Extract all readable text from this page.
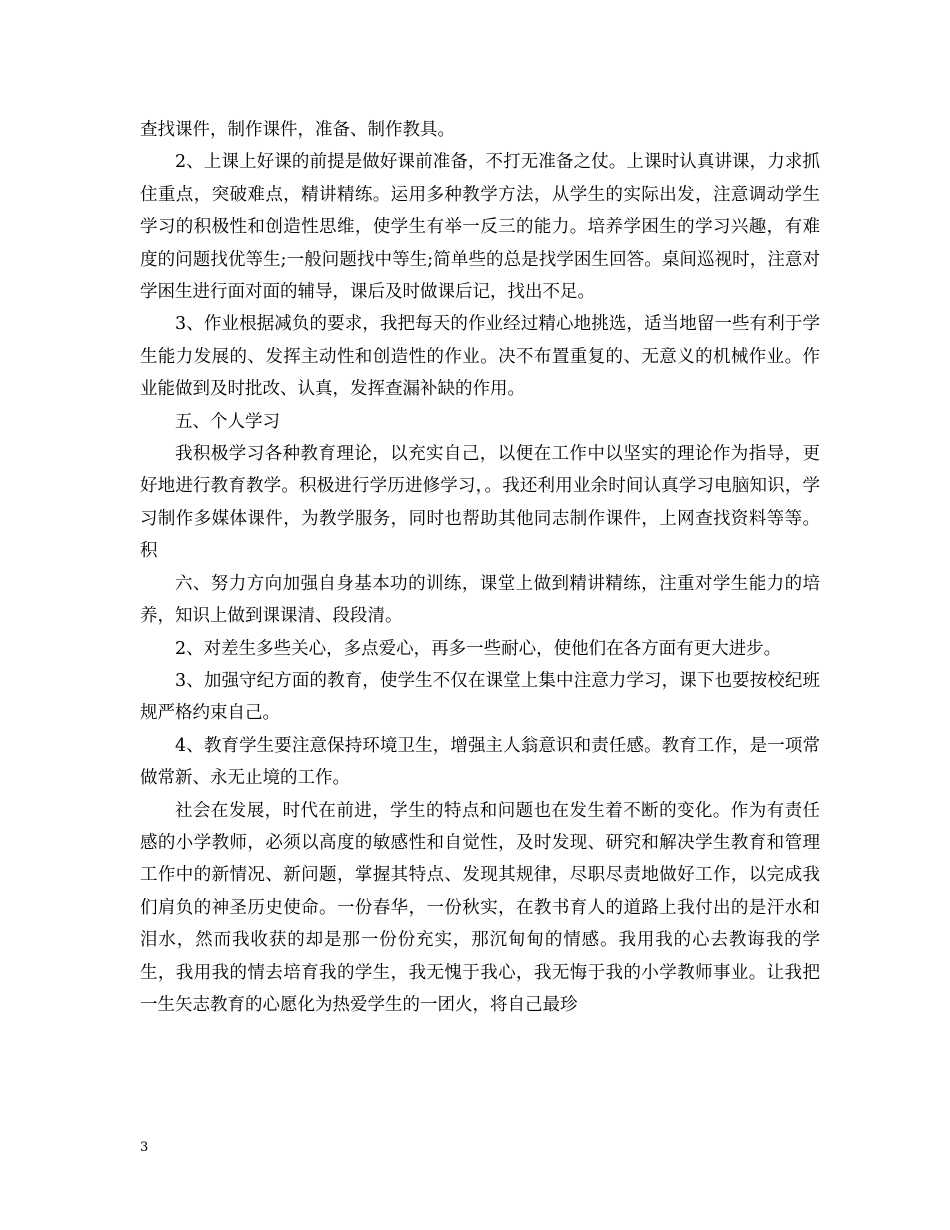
查找课件，制作课件，准备、制作教具。

2、上课上好课的前提是做好课前准备，不打无准备之仗。上课时认真讲课，力求抓住重点，突破难点，精讲精练。运用多种教学方法，从学生的实际出发，注意调动学生学习的积极性和创造性思维，使学生有举一反三的能力。培养学困生的学习兴趣，有难度的问题找优等生;一般问题找中等生;简单些的总是找学困生回答。桌间巡视时，注意对学困生进行面对面的辅导，课后及时做课后记，找出不足。

3、作业根据减负的要求，我把每天的作业经过精心地挑选，适当地留一些有利于学生能力发展的、发挥主动性和创造性的作业。决不布置重复的、无意义的机械作业。作业能做到及时批改、认真，发挥查漏补缺的作用。

五、个人学习

我积极学习各种教育理论，以充实自己，以便在工作中以坚实的理论作为指导，更好地进行教育教学。积极进行学历进修学习，。我还利用业余时间认真学习电脑知识，学习制作多媒体课件，为教学服务，同时也帮助其他同志制作课件，上网查找资料等等。积

六、努力方向加强自身基本功的训练，课堂上做到精讲精练，注重对学生能力的培养，知识上做到课课清、段段清。

2、对差生多些关心，多点爱心，再多一些耐心，使他们在各方面有更大进步。

3、加强守纪方面的教育，使学生不仅在课堂上集中注意力学习，课下也要按校纪班规严格约束自己。

4、教育学生要注意保持环境卫生，增强主人翁意识和责任感。教育工作，是一项常做常新、永无止境的工作。

社会在发展，时代在前进，学生的特点和问题也在发生着不断的变化。作为有责任感的小学教师，必须以高度的敏感性和自觉性，及时发现、研究和解决学生教育和管理工作中的新情况、新问题，掌握其特点、发现其规律，尽职尽责地做好工作，以完成我们肩负的神圣历史使命。一份春华，一份秋实，在教书育人的道路上我付出的是汗水和泪水，然而我收获的却是那一份份充实，那沉甸甸的情感。我用我的心去教诲我的学生，我用我的情去培育我的学生，我无愧于我心，我无悔于我的小学教师事业。让我把一生矢志教育的心愿化为热爱学生的一团火，将自己最珍

3
